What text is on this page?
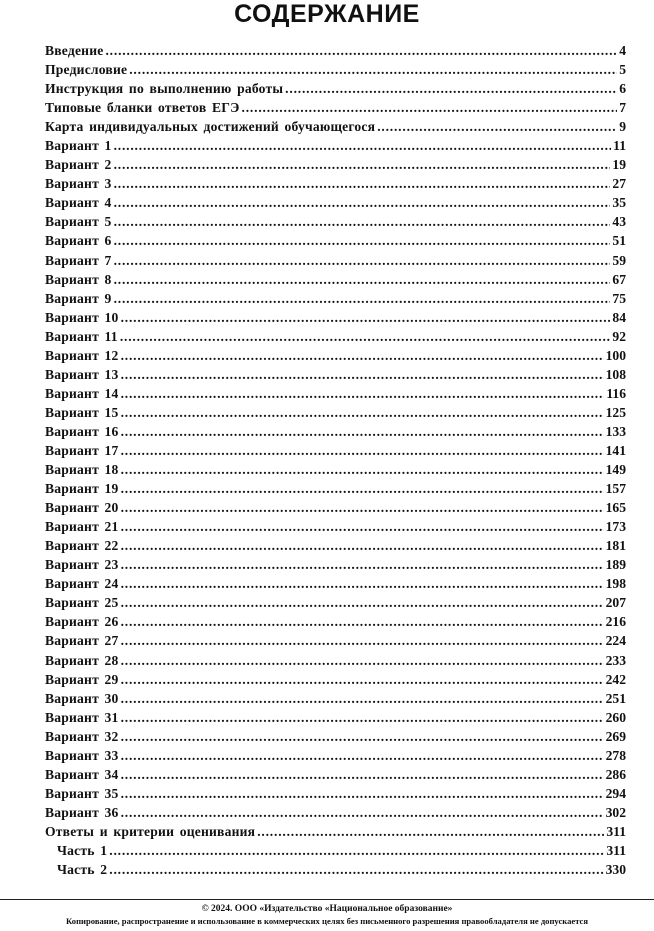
СОДЕРЖАНИЕ
Введение . . .	4
Предисловие . . .	5
Инструкция по выполнению работы . . .	6
Типовые бланки ответов ЕГЭ . . .	7
Карта индивидуальных достижений обучающегося . . .	9
Вариант 1 . . .	11
Вариант 2 . . .	19
Вариант 3 . . .	27
Вариант 4 . . .	35
Вариант 5 . . .	43
Вариант 6 . . .	51
Вариант 7 . . .	59
Вариант 8 . . .	67
Вариант 9 . . .	75
Вариант 10 . . .	84
Вариант 11 . . .	92
Вариант 12 . . .	100
Вариант 13 . . .	108
Вариант 14 . . .	116
Вариант 15 . . .	125
Вариант 16 . . .	133
Вариант 17 . . .	141
Вариант 18 . . .	149
Вариант 19 . . .	157
Вариант 20 . . .	165
Вариант 21 . . .	173
Вариант 22 . . .	181
Вариант 23 . . .	189
Вариант 24 . . .	198
Вариант 25 . . .	207
Вариант 26 . . .	216
Вариант 27 . . .	224
Вариант 28 . . .	233
Вариант 29 . . .	242
Вариант 30 . . .	251
Вариант 31 . . .	260
Вариант 32 . . .	269
Вариант 33 . . .	278
Вариант 34 . . .	286
Вариант 35 . . .	294
Вариант 36 . . .	302
Ответы и критерии оценивания . . .	311
Часть 1 . . .	311
Часть 2 . . .	330
© 2024. ООО «Издательство «Национальное образование»
Копирование, распространение и использование в коммерческих целях без письменного разрешения правообладателя не допускается
